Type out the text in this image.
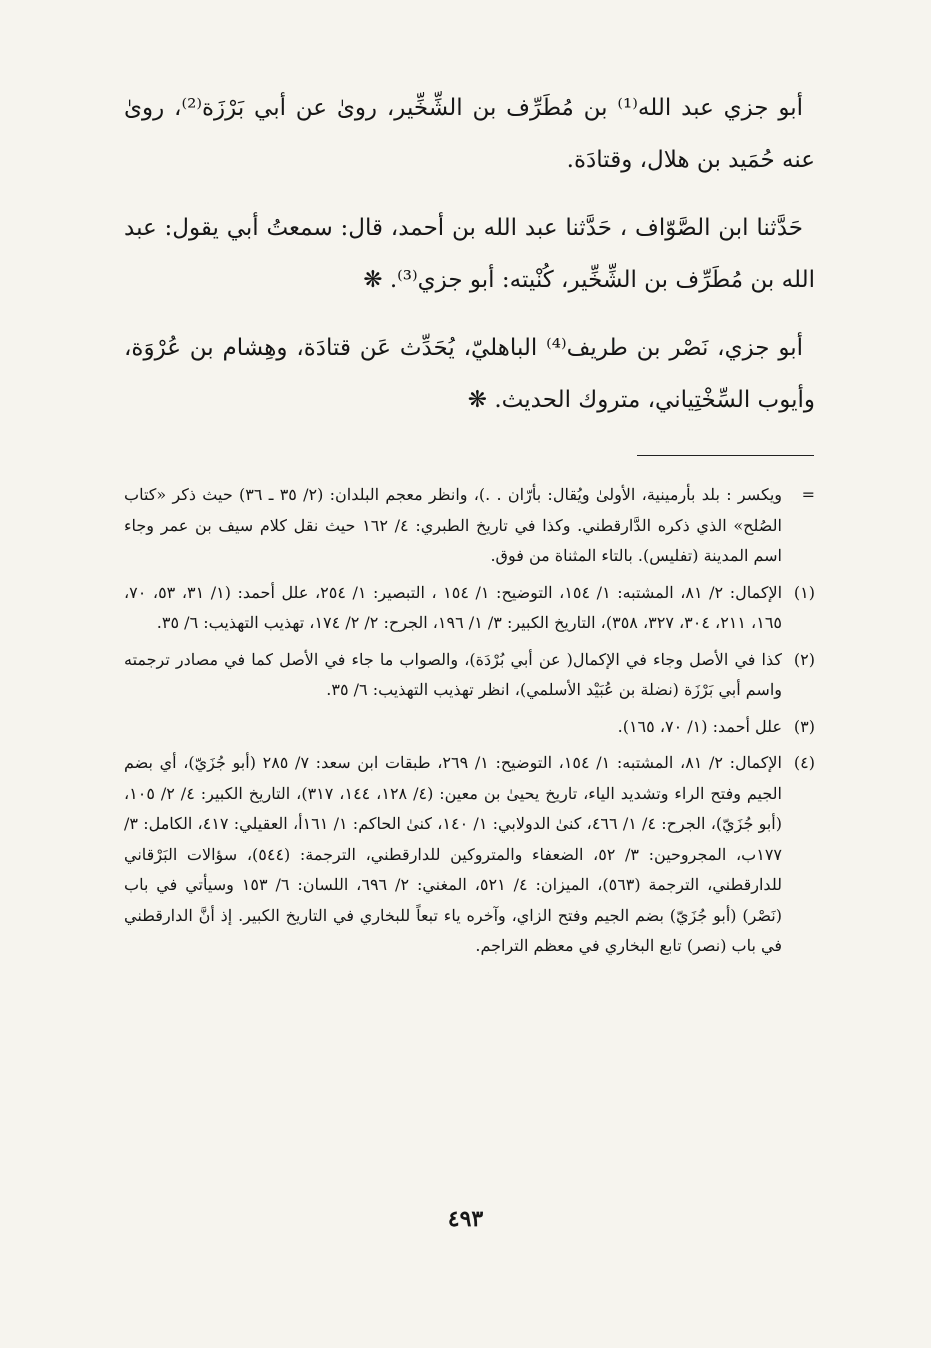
أبو جزي عبد الله⁽¹⁾ بن مُطَرِّف بن الشِّخِّير، روىٰ عن أبي بَرْزَة⁽²⁾، روىٰ عنه حُمَيد بن هلال، وقتادَة.

حَدَّثنا ابن الصَّوّاف ، حَدَّثنا عبد الله بن أحمد، قال: سمعتُ أبي يقول: عبد الله بن مُطَرِّف بن الشِّخِّير، كُنْيته: أبو جزي⁽³⁾. ❋

أبو جزي، نَصْر بن طريف⁽⁴⁾ الباهليّ، يُحَدِّث عَن قتادَة، وهِشام بن عُرْوَة، وأيوب السِّخْتِياني، متروك الحديث. ❋

=
ويكسر : بلد بأرمينية، الأولىٰ ويُقال: بأرّان . .)، وانظر معجم البلدان: (٢/ ٣٥ ـ ٣٦) حيث ذكر «كتاب الصُلح» الذي ذكره الدَّارقطني. وكذا في تاريخ الطبري: ٤/ ١٦٢ حيث نقل كلام سيف بن عمر وجاء اسم المدينة (تفليس). بالتاء المثناة من فوق.
(١)
الإكمال: ٢/ ٨١، المشتبه: ١/ ١٥٤، التوضيح: ١/ ١٥٤ ، التبصير: ١/ ٢٥٤، علل أحمد: (١/ ٣١، ٥٣، ٧٠، ١٦٥، ٢١١، ٣٠٤، ٣٢٧، ٣٥٨)، التاريخ الكبير: ٣/ ١/ ١٩٦، الجرح: ٢/ ٢/ ١٧٤، تهذيب التهذيب: ٦/ ٣٥.
(٢)
كذا في الأصل وجاء في الإكمال( عن أبي بُرْدَة)، والصواب ما جاء في الأصل كما في مصادر ترجمته واسم أبي بَرْزَة (نضلة بن عُبَيْد الأسلمي)، انظر تهذيب التهذيب: ٦/ ٣٥.
(٣)
علل أحمد: (١/ ٧٠، ١٦٥).
(٤)
الإكمال: ٢/ ٨١، المشتبه: ١/ ١٥٤، التوضيح: ١/ ٢٦٩، طبقات ابن سعد: ٧/ ٢٨٥ (أبو جُزَيّ)، أي بضم الجيم وفتح الراء وتشديد الياء، تاريخ يحيىٰ بن معين: (٤/ ١٢٨، ١٤٤، ٣١٧)، التاريخ الكبير: ٤/ ٢/ ١٠٥، (أبو جُزَيّ)، الجرح: ٤/ ١/ ٤٦٦، كنىٰ الدولابي: ١/ ١٤٠، كنىٰ الحاكم: ١/ ١٦١أ، العقيلي: ٤١٧، الكامل: ٣/ ١٧٧ب، المجروحين: ٣/ ٥٢، الضعفاء والمتروكين للدارقطني، الترجمة: (٥٤٤)، سؤالات البَرْقاني للدارقطني، الترجمة (٥٦٣)، الميزان: ٤/ ٥٢١، المغني: ٢/ ٦٩٦، اللسان: ٦/ ١٥٣ وسيأتي في باب (نَصْر) (أبو جُزَيّ) بضم الجيم وفتح الزاي، وآخره ياء تبعاً للبخاري في التاريخ الكبير. إذ أنَّ الدارقطني في باب (نصر) تابع البخاري في معظم التراجم.
٤٩٣
